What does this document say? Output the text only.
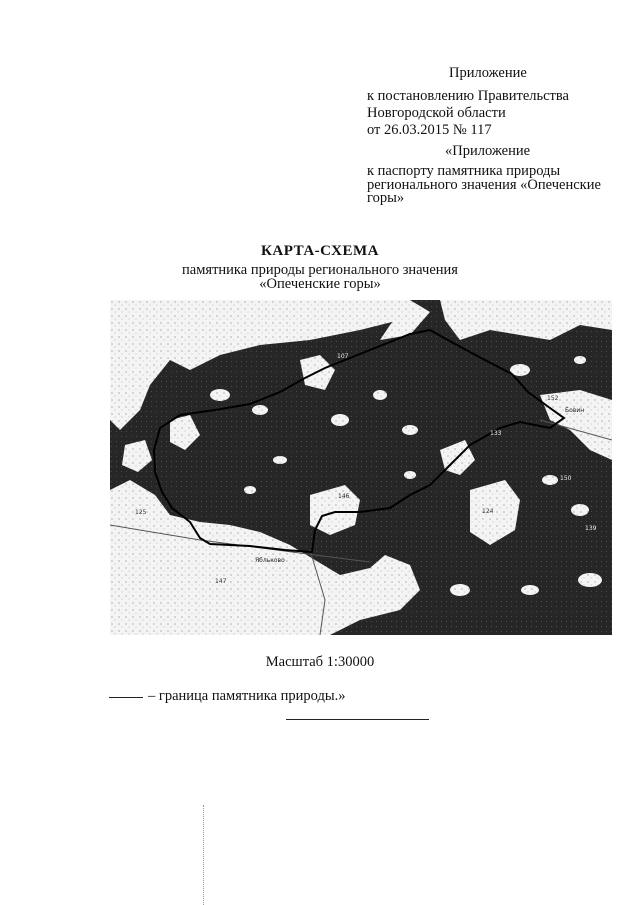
Приложение
к постановлению Правительства
Новгородской области
от 26.03.2015 № 117
«Приложение
к паспорту памятника природы
регионального значения «Опеченские
горы»
КАРТА-СХЕМА
памятника природы регионального значения
«Опеченские горы»
107
125
146
124
147
152
133
150
139
Бовин
Ябльково
Масштаб 1:30000
– граница памятника природы.»
